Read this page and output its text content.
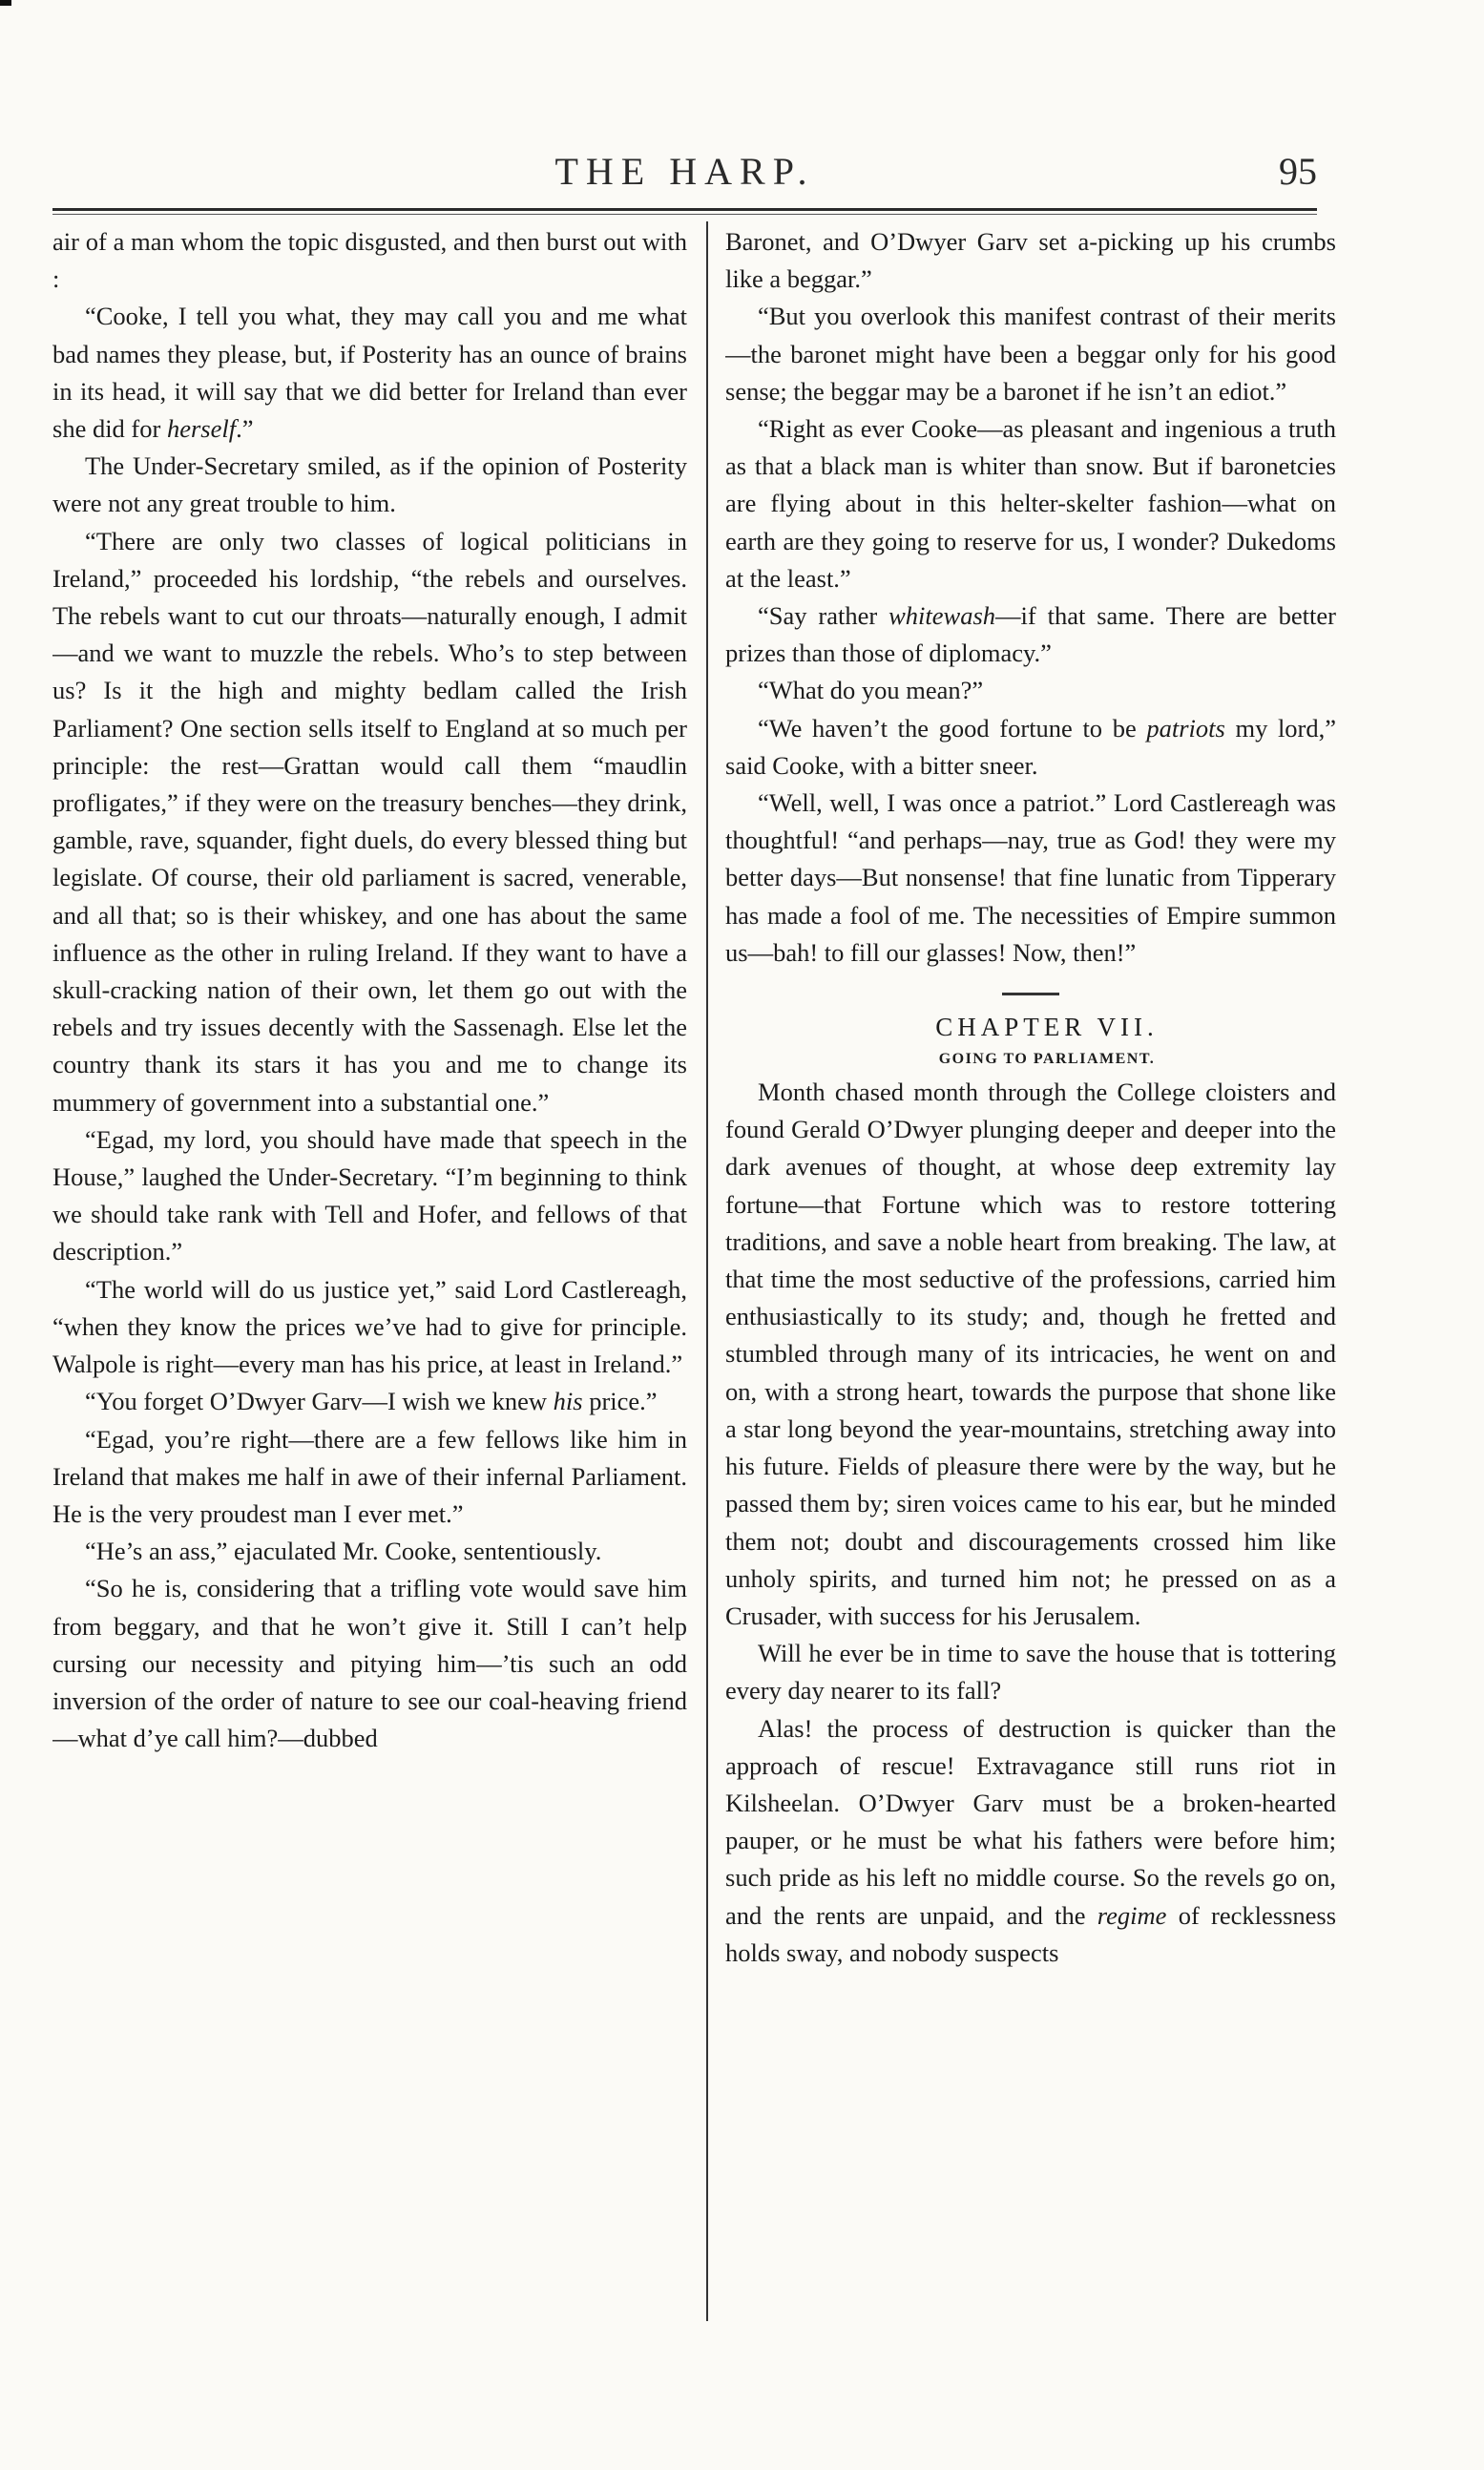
THE HARP.	95

air of a man whom the topic disgusted, and then burst out with :

“Cooke, I tell you what, they may call you and me what bad names they please, but, if Posterity has an ounce of brains in its head, it will say that we did better for Ireland than ever she did for herself.”

The Under-Secretary smiled, as if the opinion of Posterity were not any great trouble to him.

“There are only two classes of logical politicians in Ireland,” proceeded his lordship, “the rebels and ourselves. The rebels want to cut our throats—naturally enough, I admit—and we want to muzzle the rebels. Who’s to step between us? Is it the high and mighty bedlam called the Irish Parliament? One section sells itself to England at so much per principle: the rest—Grattan would call them “maudlin profligates,” if they were on the treasury benches—they drink, gamble, rave, squander, fight duels, do every blessed thing but legislate. Of course, their old parliament is sacred, venerable, and all that; so is their whiskey, and one has about the same influence as the other in ruling Ireland. If they want to have a skull-cracking nation of their own, let them go out with the rebels and try issues decently with the Sassenagh. Else let the country thank its stars it has you and me to change its mummery of government into a substantial one.”

“Egad, my lord, you should have made that speech in the House,” laughed the Under-Secretary. “I’m beginning to think we should take rank with Tell and Hofer, and fellows of that description.”

“The world will do us justice yet,” said Lord Castlereagh, “when they know the prices we’ve had to give for principle. Walpole is right—every man has his price, at least in Ireland.”

“You forget O’Dwyer Garv—I wish we knew his price.”

“Egad, you’re right—there are a few fellows like him in Ireland that makes me half in awe of their infernal Parliament. He is the very proudest man I ever met.”

“He’s an ass,” ejaculated Mr. Cooke, sententiously.

“So he is, considering that a trifling vote would save him from beggary, and that he won’t give it. Still I can’t help cursing our necessity and pitying him—’tis such an odd inversion of the order of nature to see our coal-heaving friend—what d’ye call him?—dubbed

Baronet, and O’Dwyer Garv set a-picking up his crumbs like a beggar.”

“But you overlook this manifest contrast of their merits—the baronet might have been a beggar only for his good sense; the beggar may be a baronet if he isn’t an ediot.”

“Right as ever Cooke—as pleasant and ingenious a truth as that a black man is whiter than snow. But if baronetcies are flying about in this helter-skelter fashion—what on earth are they going to reserve for us, I wonder? Dukedoms at the least.”

“Say rather whitewash—if that same. There are better prizes than those of diplomacy.”

“What do you mean?”

“We haven’t the good fortune to be patriots my lord,” said Cooke, with a bitter sneer.

“Well, well, I was once a patriot.” Lord Castlereagh was thoughtful! “and perhaps—nay, true as God! they were my better days—But nonsense! that fine lunatic from Tipperary has made a fool of me. The necessities of Empire summon us—bah! to fill our glasses! Now, then!”

CHAPTER VII.

GOING TO PARLIAMENT.

Month chased month through the College cloisters and found Gerald O’Dwyer plunging deeper and deeper into the dark avenues of thought, at whose deep extremity lay fortune—that Fortune which was to restore tottering traditions, and save a noble heart from breaking. The law, at that time the most seductive of the professions, carried him enthusiastically to its study; and, though he fretted and stumbled through many of its intricacies, he went on and on, with a strong heart, towards the purpose that shone like a star long beyond the year-mountains, stretching away into his future. Fields of pleasure there were by the way, but he passed them by; siren voices came to his ear, but he minded them not; doubt and discouragements crossed him like unholy spirits, and turned him not; he pressed on as a Crusader, with success for his Jerusalem.

Will he ever be in time to save the house that is tottering every day nearer to its fall?

Alas! the process of destruction is quicker than the approach of rescue! Extravagance still runs riot in Kilsheelan. O’Dwyer Garv must be a broken-hearted pauper, or he must be what his fathers were before him; such pride as his left no middle course. So the revels go on, and the rents are unpaid, and the regime of recklessness holds sway, and nobody suspects
